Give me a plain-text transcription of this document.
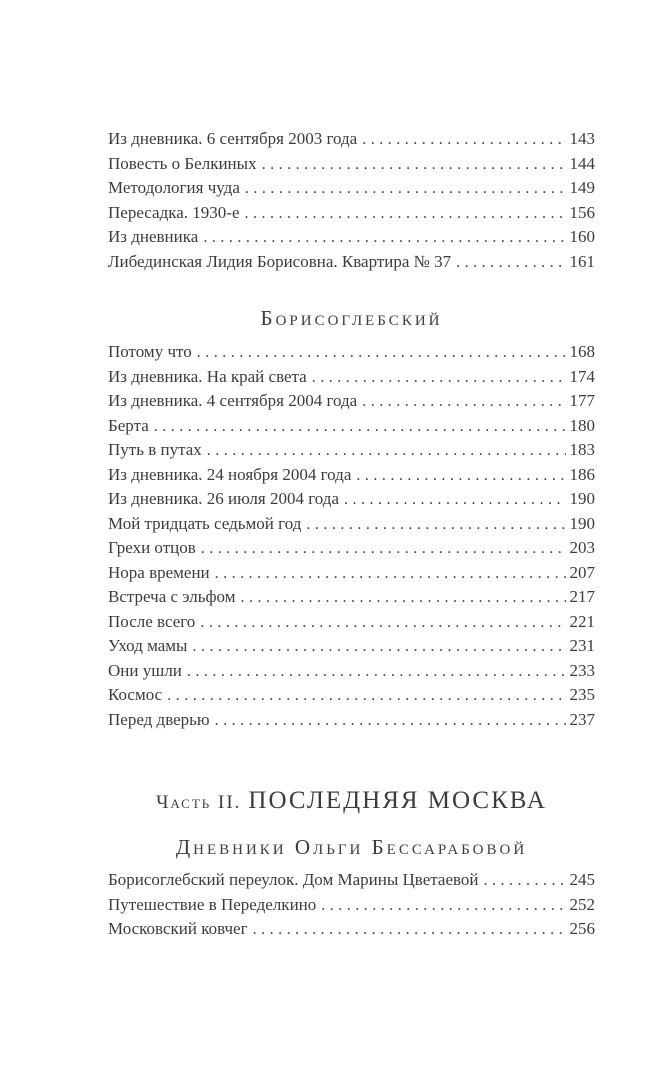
Из дневника. 6 сентября 2003 года .....	143
Повесть о Белкиных .....	144
Методология чуда .....	149
Пересадка. 1930-е .....	156
Из дневника .....	160
Либединская Лидия Борисовна. Квартира № 37 .....	161
Борисоглебский
Потому что .....	168
Из дневника. На край света .....	174
Из дневника. 4 сентября 2004 года .....	177
Берта .....	180
Путь в путах .....	183
Из дневника. 24 ноября 2004 года .....	186
Из дневника. 26 июля 2004 года .....	190
Мой тридцать седьмой год .....	190
Грехи отцов .....	203
Нора времени .....	207
Встреча с эльфом .....	217
После всего .....	221
Уход мамы .....	231
Они ушли .....	233
Космос .....	235
Перед дверью .....	237
Часть II. ПОСЛЕДНЯЯ МОСКВА
Дневники Ольги Бессарабовой
Борисоглебский переулок. Дом Марины Цветаевой .....	245
Путешествие в Переделкино .....	252
Московский ковчег .....	256
